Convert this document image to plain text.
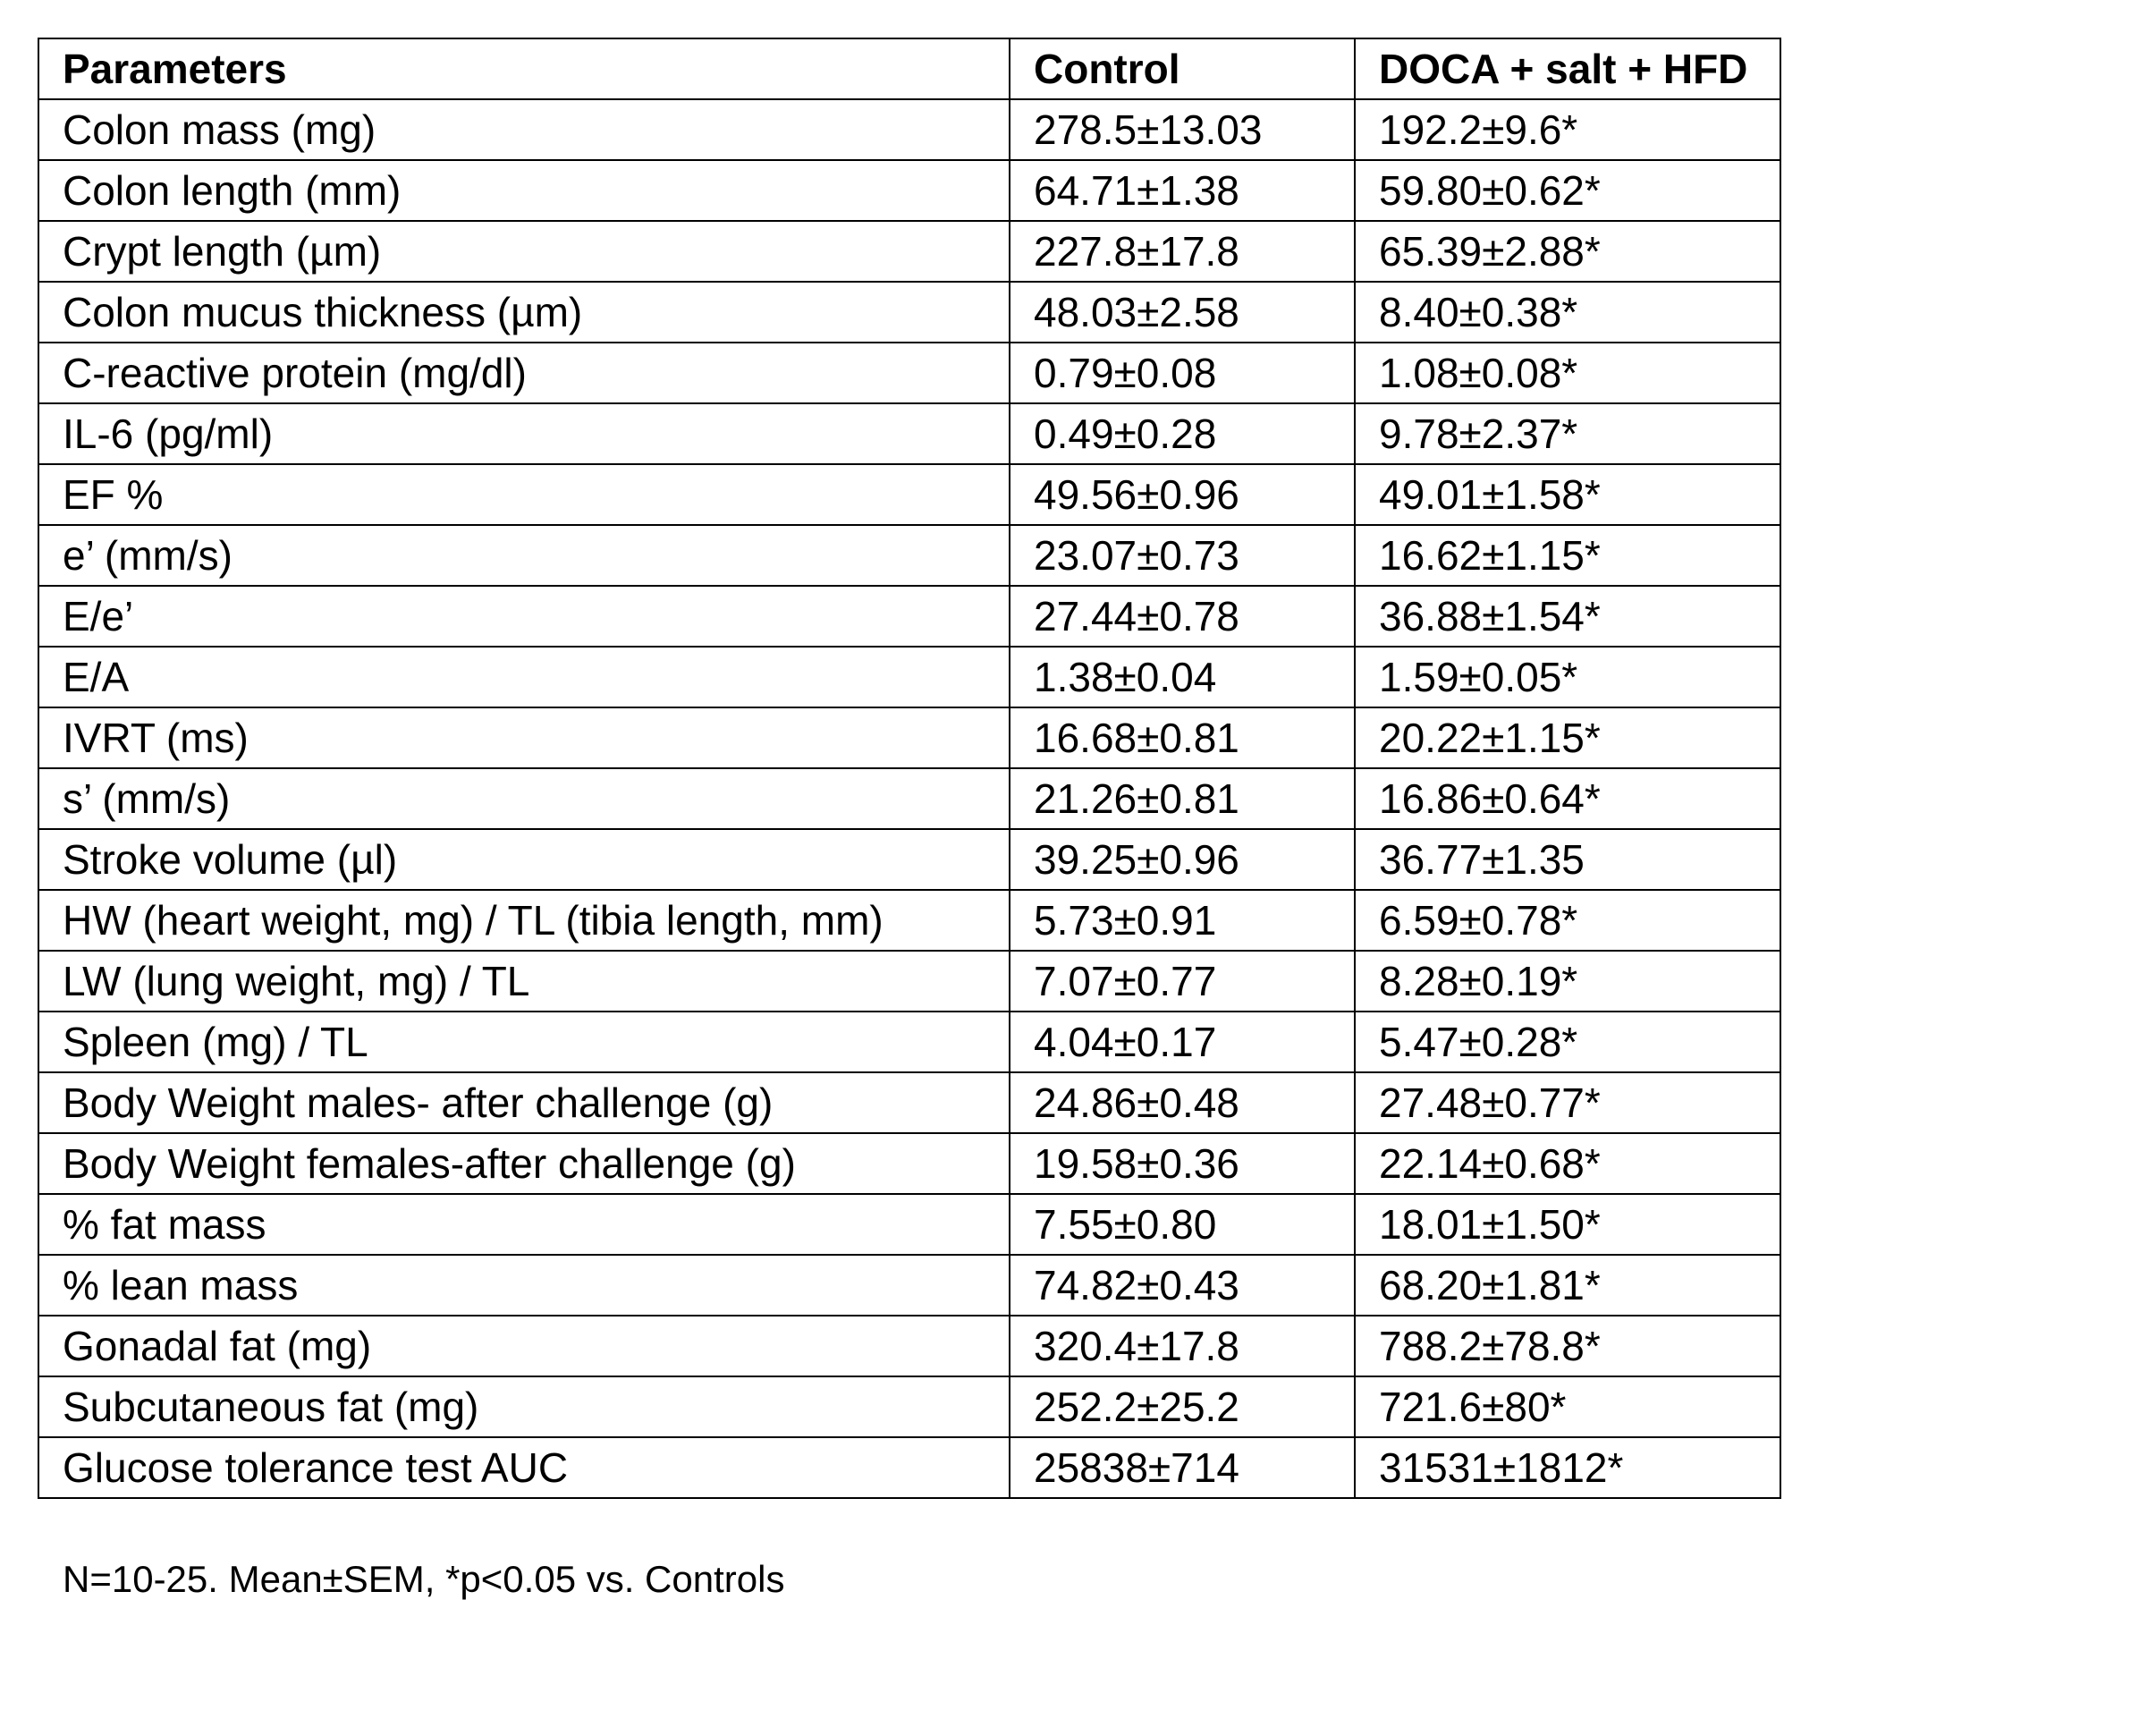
Parameters	Control	DOCA + salt + HFD
Colon mass (mg)	278.5±13.03	192.2±9.6*
Colon length (mm)	64.71±1.38	59.80±0.62*
Crypt length (µm)	227.8±17.8	65.39±2.88*
Colon mucus thickness (µm)	48.03±2.58	8.40±0.38*
C-reactive protein (mg/dl)	0.79±0.08	1.08±0.08*
IL-6 (pg/ml)	0.49±0.28	9.78±2.37*
EF %	49.56±0.96	49.01±1.58*
e’ (mm/s)	23.07±0.73	16.62±1.15*
E/e’	27.44±0.78	36.88±1.54*
E/A	1.38±0.04	1.59±0.05*
IVRT (ms)	16.68±0.81	20.22±1.15*
s’ (mm/s)	21.26±0.81	16.86±0.64*
Stroke volume (µl)	39.25±0.96	36.77±1.35
HW (heart weight, mg) / TL (tibia length, mm)	5.73±0.91	6.59±0.78*
LW (lung weight, mg) / TL	7.07±0.77	8.28±0.19*
Spleen (mg) / TL	4.04±0.17	5.47±0.28*
Body Weight males- after challenge (g)	24.86±0.48	27.48±0.77*
Body Weight females-after challenge (g)	19.58±0.36	22.14±0.68*
% fat mass	7.55±0.80	18.01±1.50*
% lean mass	74.82±0.43	68.20±1.81*
Gonadal fat (mg)	320.4±17.8	788.2±78.8*
Subcutaneous fat (mg)	252.2±25.2	721.6±80*
Glucose tolerance test AUC	25838±714	31531±1812*
N=10-25. Mean±SEM, *p<0.05 vs. Controls
